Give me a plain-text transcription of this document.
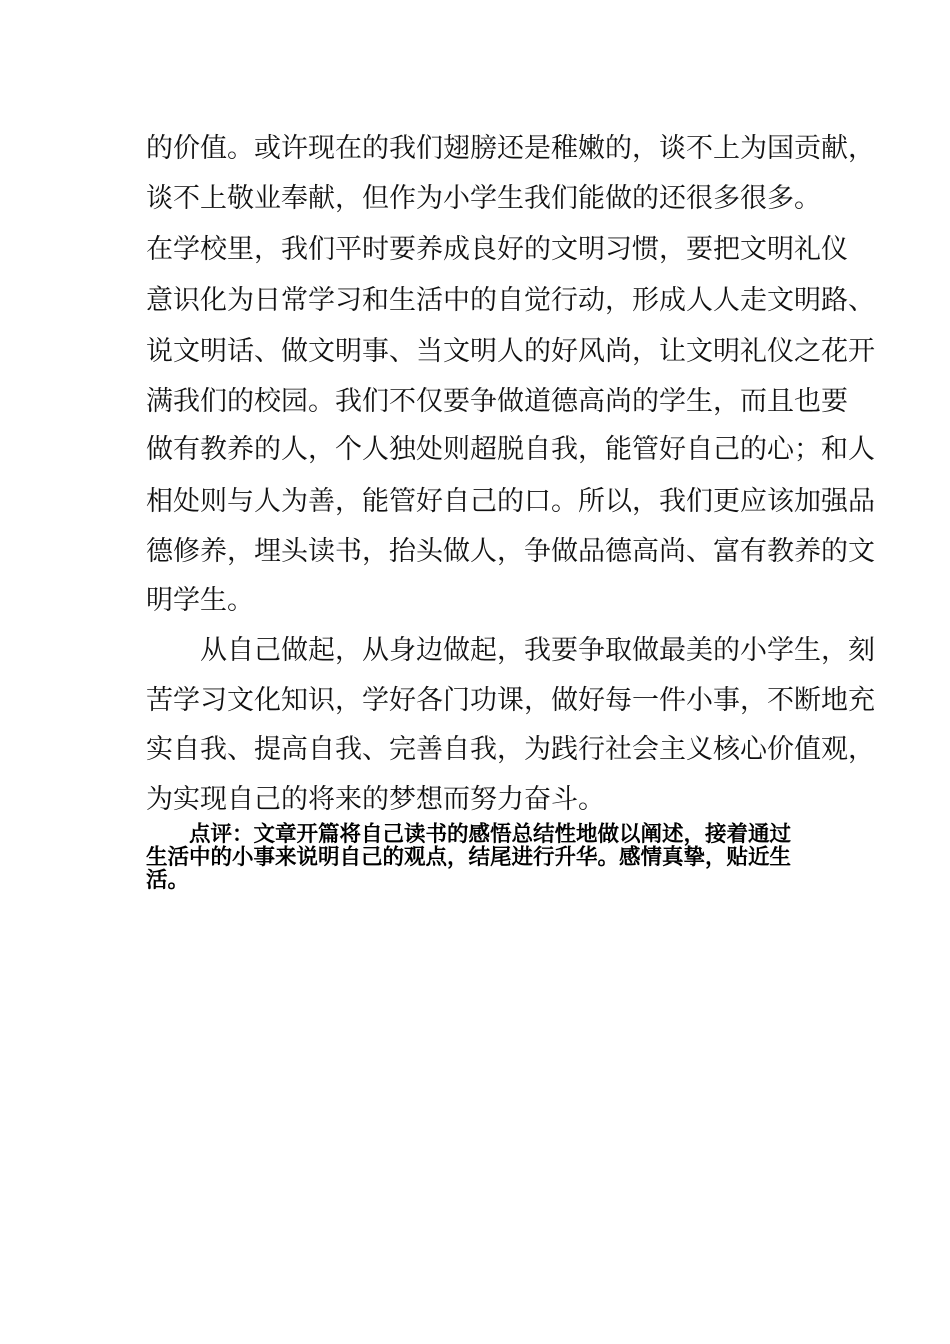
的价值。或许现在的我们翅膀还是稚嫩的，谈不上为国贡献，
谈不上敬业奉献，但作为小学生我们能做的还很多很多。
在学校里，我们平时要养成良好的文明习惯，要把文明礼仪
意识化为日常学习和生活中的自觉行动，形成人人走文明路、
说文明话、做文明事、当文明人的好风尚，让文明礼仪之花开
满我们的校园。我们不仅要争做道德高尚的学生，而且也要
做有教养的人，个人独处则超脱自我，能管好自己的心；和人
相处则与人为善，能管好自己的口。所以，我们更应该加强品
德修养，埋头读书，抬头做人，争做品德高尚、富有教养的文
明学生。
　　从自己做起，从身边做起，我要争取做最美的小学生，刻
苦学习文化知识，学好各门功课，做好每一件小事，不断地充
实自我、提高自我、完善自我，为践行社会主义核心价值观，
为实现自己的将来的梦想而努力奋斗。
　　点评：文章开篇将自己读书的感悟总结性地做以阐述，接着通过
生活中的小事来说明自己的观点，结尾进行升华。感情真挚，贴近生
活。
